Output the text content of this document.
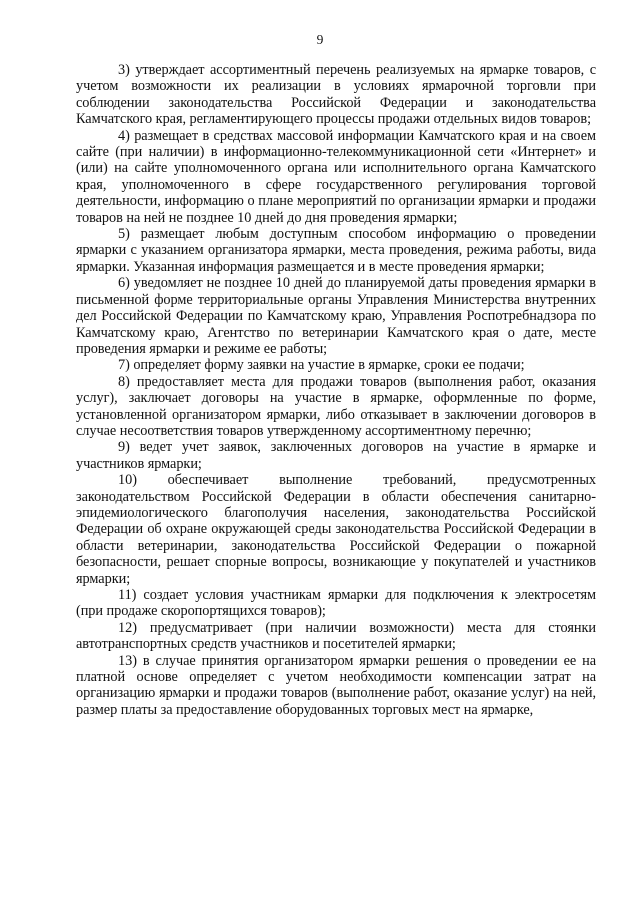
9

3) утверждает ассортиментный перечень реализуемых на ярмарке товаров, с учетом возможности их реализации в условиях ярмарочной торговли при соблюдении законодательства Российской Федерации и законодательства Камчатского края, регламентирующего процессы продажи отдельных видов товаров;

4) размещает в средствах массовой информации Камчатского края и на своем сайте (при наличии) в информационно-телекоммуникационной сети «Интернет» и (или) на сайте уполномоченного органа или исполнительного органа Камчатского края, уполномоченного в сфере государственного регулирования торговой деятельности, информацию о плане мероприятий по организации ярмарки и продажи товаров на ней не позднее 10 дней до дня проведения ярмарки;

5) размещает любым доступным способом информацию о проведении ярмарки с указанием организатора ярмарки, места проведения, режима работы, вида ярмарки. Указанная информация размещается и в месте проведения ярмарки;

6) уведомляет не позднее 10 дней до планируемой даты проведения ярмарки в письменной форме территориальные органы Управления Министерства внутренних дел Российской Федерации по Камчатскому краю, Управления Роспотребнадзора по Камчатскому краю, Агентство по ветеринарии Камчатского края о дате, месте проведения ярмарки и режиме ее работы;

7) определяет форму заявки на участие в ярмарке, сроки ее подачи;

8) предоставляет места для продажи товаров (выполнения работ, оказания услуг), заключает договоры на участие в ярмарке, оформленные по форме, установленной организатором ярмарки, либо отказывает в заключении договоров в случае несоответствия товаров утвержденному ассортиментному перечню;

9) ведет учет заявок, заключенных договоров на участие в ярмарке и участников ярмарки;

10) обеспечивает выполнение требований, предусмотренных законодательством Российской Федерации в области обеспечения санитарно-эпидемиологического благополучия населения, законодательства Российской Федерации об охране окружающей среды законодательства Российской Федерации в области ветеринарии, законодательства Российской Федерации о пожарной безопасности, решает спорные вопросы, возникающие у покупателей и участников ярмарки;

11) создает условия участникам ярмарки для подключения к электросетям (при продаже скоропортящихся товаров);

12) предусматривает (при наличии возможности) места для стоянки автотранспортных средств участников и посетителей ярмарки;

13) в случае принятия организатором ярмарки решения о проведении ее на платной основе определяет с учетом необходимости компенсации затрат на организацию ярмарки и продажи товаров (выполнение работ, оказание услуг) на ней, размер платы за предоставление оборудованных торговых мест на ярмарке,
